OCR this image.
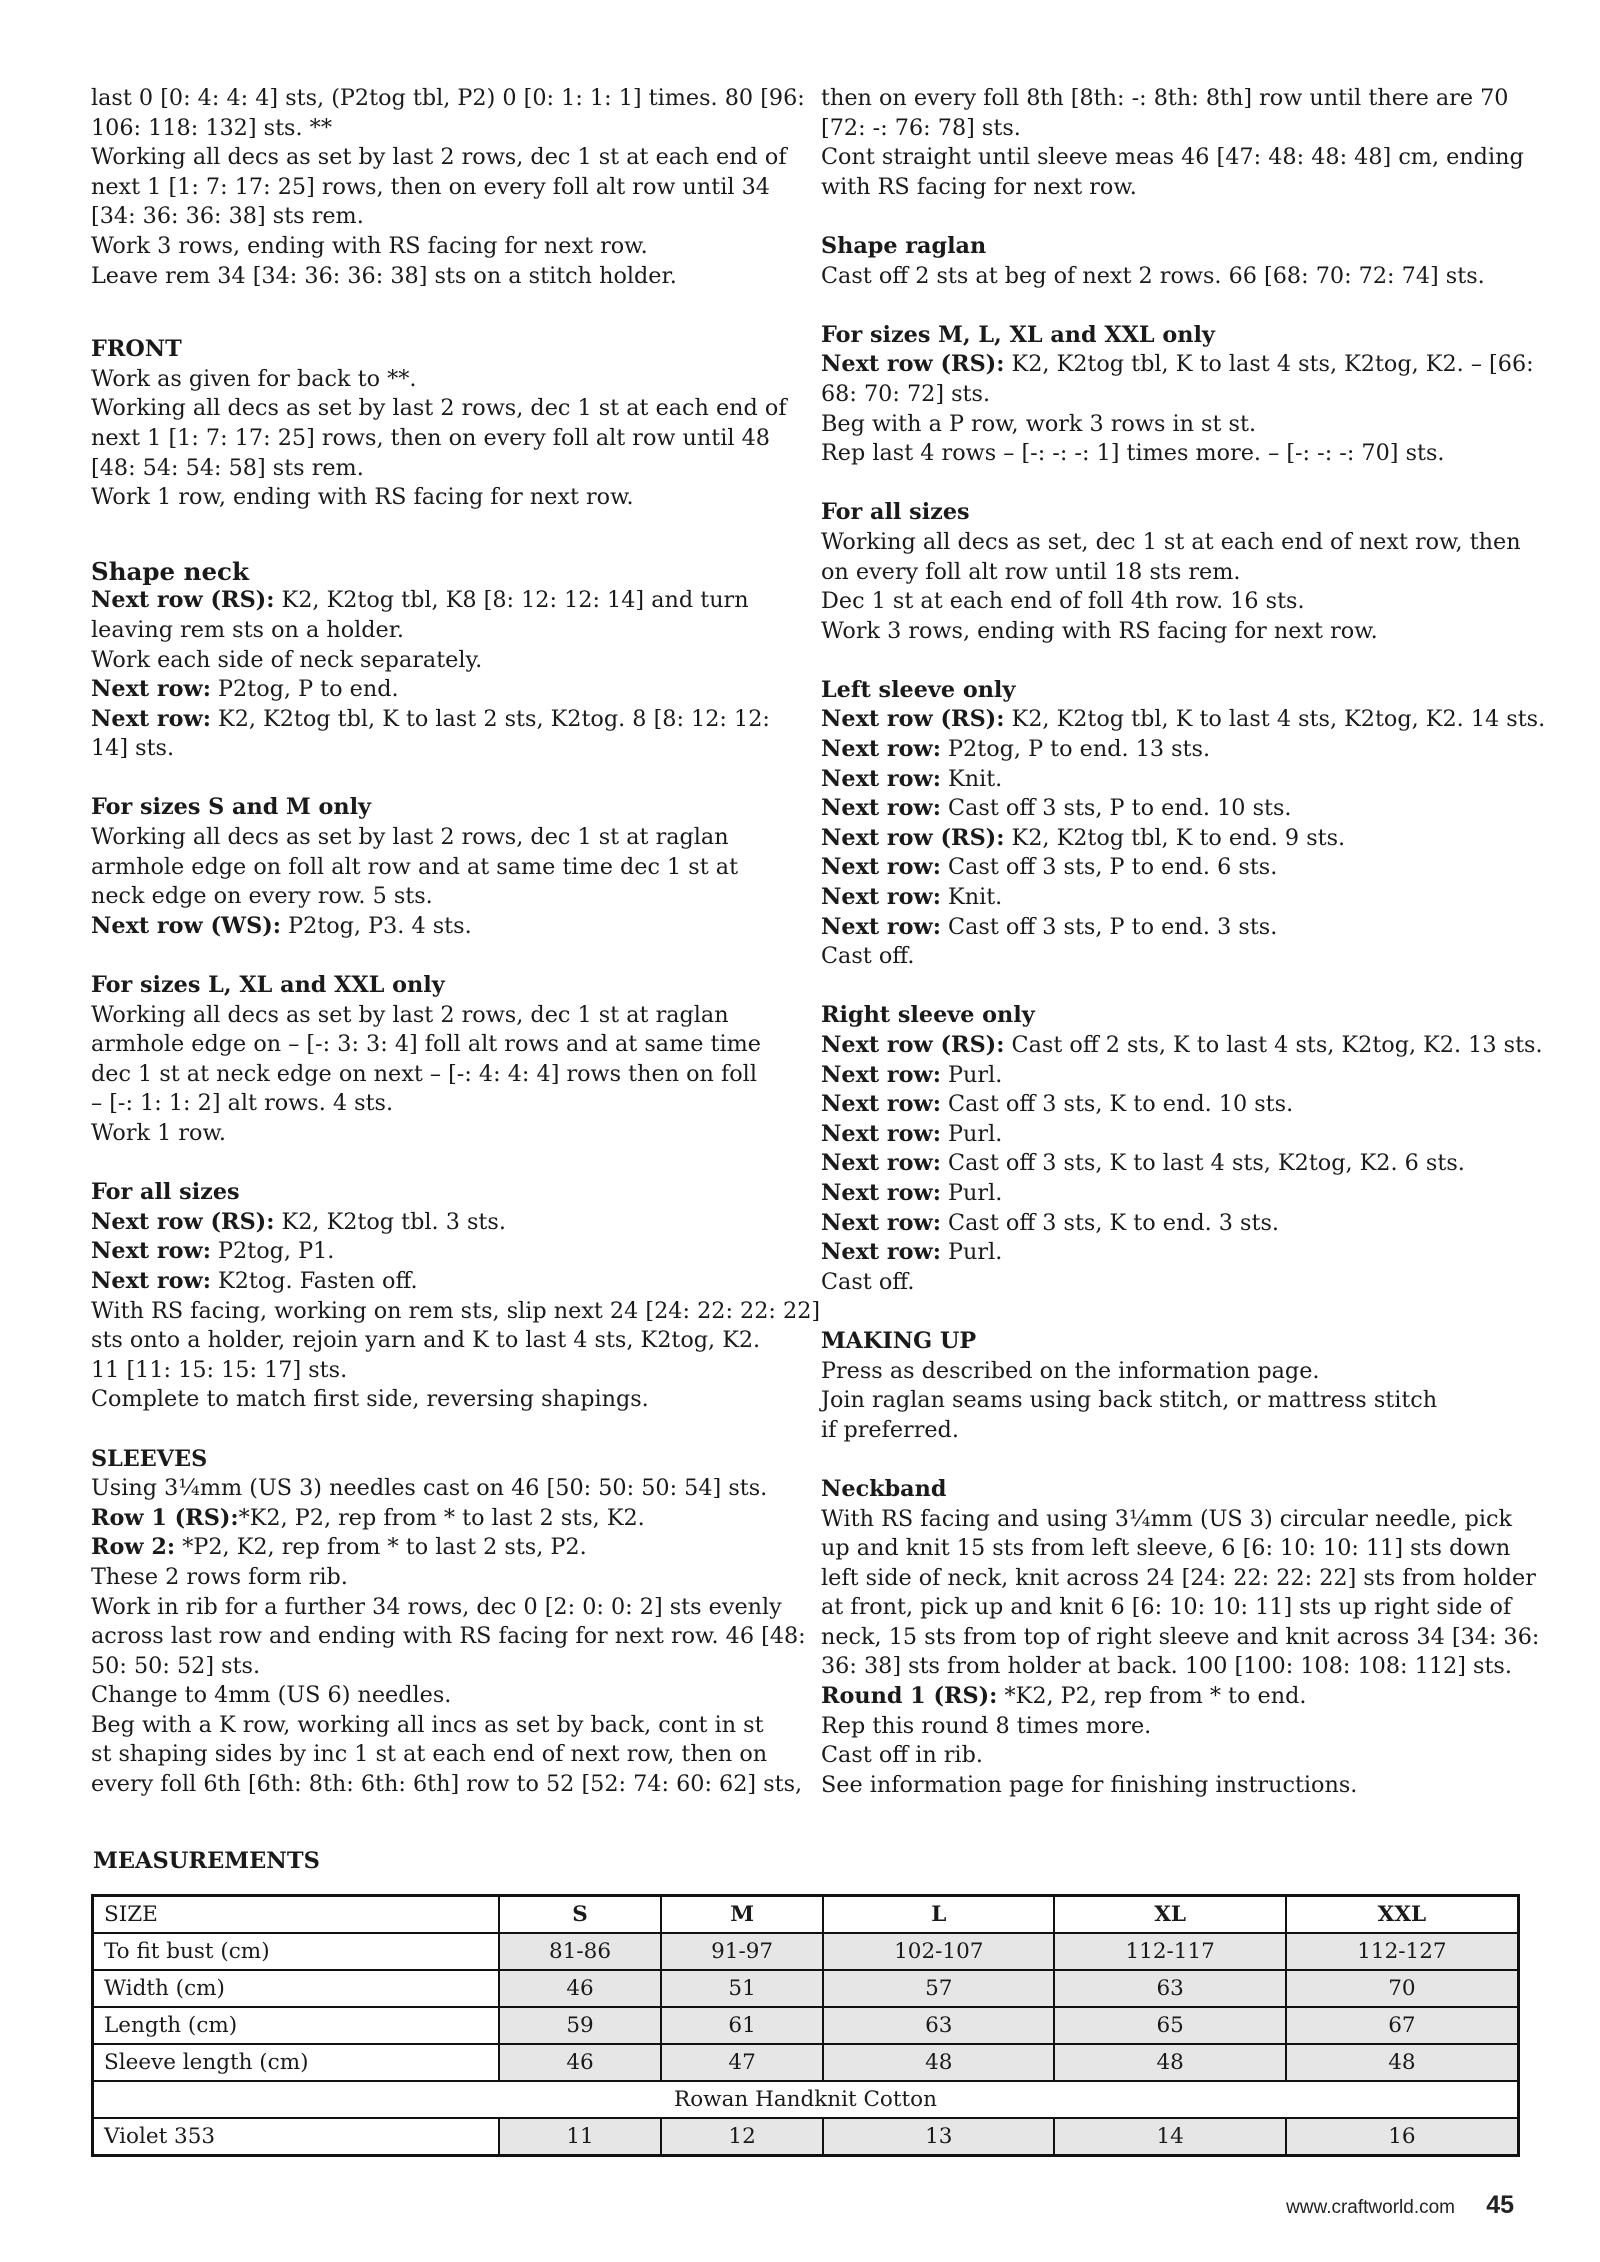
last 0 [0: 4: 4: 4] sts, (P2tog tbl, P2) 0 [0: 1: 1: 1] times. 80 [96:
106: 118: 132] sts. **
Working all decs as set by last 2 rows, dec 1 st at each end of
next 1 [1: 7: 17: 25] rows, then on every foll alt row until 34
[34: 36: 36: 38] sts rem.
Work 3 rows, ending with RS facing for next row.
Leave rem 34 [34: 36: 36: 38] sts on a stitch holder.
FRONT
Work as given for back to **.
Working all decs as set by last 2 rows, dec 1 st at each end of
next 1 [1: 7: 17: 25] rows, then on every foll alt row until 48
[48: 54: 54: 58] sts rem.
Work 1 row, ending with RS facing for next row.
Shape neck
Next row (RS): K2, K2tog tbl, K8 [8: 12: 12: 14] and turn
leaving rem sts on a holder.
Work each side of neck separately.
Next row: P2tog, P to end.
Next row: K2, K2tog tbl, K to last 2 sts, K2tog. 8 [8: 12: 12:
14] sts.
For sizes S and M only
Working all decs as set by last 2 rows, dec 1 st at raglan
armhole edge on foll alt row and at same time dec 1 st at
neck edge on every row. 5 sts.
Next row (WS): P2tog, P3. 4 sts.
For sizes L, XL and XXL only
Working all decs as set by last 2 rows, dec 1 st at raglan
armhole edge on – [-: 3: 3: 4] foll alt rows and at same time
dec 1 st at neck edge on next – [-: 4: 4: 4] rows then on foll
– [-: 1: 1: 2] alt rows. 4 sts.
Work 1 row.
For all sizes
Next row (RS): K2, K2tog tbl. 3 sts.
Next row: P2tog, P1.
Next row: K2tog. Fasten off.
With RS facing, working on rem sts, slip next 24 [24: 22: 22: 22]
sts onto a holder, rejoin yarn and K to last 4 sts, K2tog, K2.
11 [11: 15: 15: 17] sts.
Complete to match first side, reversing shapings.
SLEEVES
Using 3¼mm (US 3) needles cast on 46 [50: 50: 50: 54] sts.
Row 1 (RS):*K2, P2, rep from * to last 2 sts, K2.
Row 2: *P2, K2, rep from * to last 2 sts, P2.
These 2 rows form rib.
Work in rib for a further 34 rows, dec 0 [2: 0: 0: 2] sts evenly
across last row and ending with RS facing for next row. 46 [48:
50: 50: 52] sts.
Change to 4mm (US 6) needles.
Beg with a K row, working all incs as set by back, cont in st
st shaping sides by inc 1 st at each end of next row, then on
every foll 6th [6th: 8th: 6th: 6th] row to 52 [52: 74: 60: 62] sts,
then on every foll 8th [8th: -: 8th: 8th] row until there are 70
[72: -: 76: 78] sts.
Cont straight until sleeve meas 46 [47: 48: 48: 48] cm, ending
with RS facing for next row.
Shape raglan
Cast off 2 sts at beg of next 2 rows. 66 [68: 70: 72: 74] sts.
For sizes M, L, XL and XXL only
Next row (RS): K2, K2tog tbl, K to last 4 sts, K2tog, K2. – [66:
68: 70: 72] sts.
Beg with a P row, work 3 rows in st st.
Rep last 4 rows – [-: -: -: 1] times more. – [-: -: -: 70] sts.
For all sizes
Working all decs as set, dec 1 st at each end of next row, then
on every foll alt row until 18 sts rem.
Dec 1 st at each end of foll 4th row. 16 sts.
Work 3 rows, ending with RS facing for next row.
Left sleeve only
Next row (RS): K2, K2tog tbl, K to last 4 sts, K2tog, K2. 14 sts.
Next row: P2tog, P to end. 13 sts.
Next row: Knit.
Next row: Cast off 3 sts, P to end. 10 sts.
Next row (RS): K2, K2tog tbl, K to end. 9 sts.
Next row: Cast off 3 sts, P to end. 6 sts.
Next row: Knit.
Next row: Cast off 3 sts, P to end. 3 sts.
Cast off.
Right sleeve only
Next row (RS): Cast off 2 sts, K to last 4 sts, K2tog, K2. 13 sts.
Next row: Purl.
Next row: Cast off 3 sts, K to end. 10 sts.
Next row: Purl.
Next row: Cast off 3 sts, K to last 4 sts, K2tog, K2. 6 sts.
Next row: Purl.
Next row: Cast off 3 sts, K to end. 3 sts.
Next row: Purl.
Cast off.
MAKING UP
Press as described on the information page.
Join raglan seams using back stitch, or mattress stitch
if preferred.
Neckband
With RS facing and using 3¼mm (US 3) circular needle, pick
up and knit 15 sts from left sleeve, 6 [6: 10: 10: 11] sts down
left side of neck, knit across 24 [24: 22: 22: 22] sts from holder
at front, pick up and knit 6 [6: 10: 10: 11] sts up right side of
neck, 15 sts from top of right sleeve and knit across 34 [34: 36:
36: 38] sts from holder at back. 100 [100: 108: 108: 112] sts.
Round 1 (RS): *K2, P2, rep from * to end.
Rep this round 8 times more.
Cast off in rib.
See information page for finishing instructions.
MEASUREMENTS
SIZE	S	M	L	XL	XXL
To fit bust (cm)	81-86	91-97	102-107	112-117	112-127
Width (cm)	46	51	57	63	70
Length (cm)	59	61	63	65	67
Sleeve length (cm)	46	47	48	48	48
Rowan Handknit Cotton					
Violet 353	11	12	13	14	16
www.craftworld.com 45
